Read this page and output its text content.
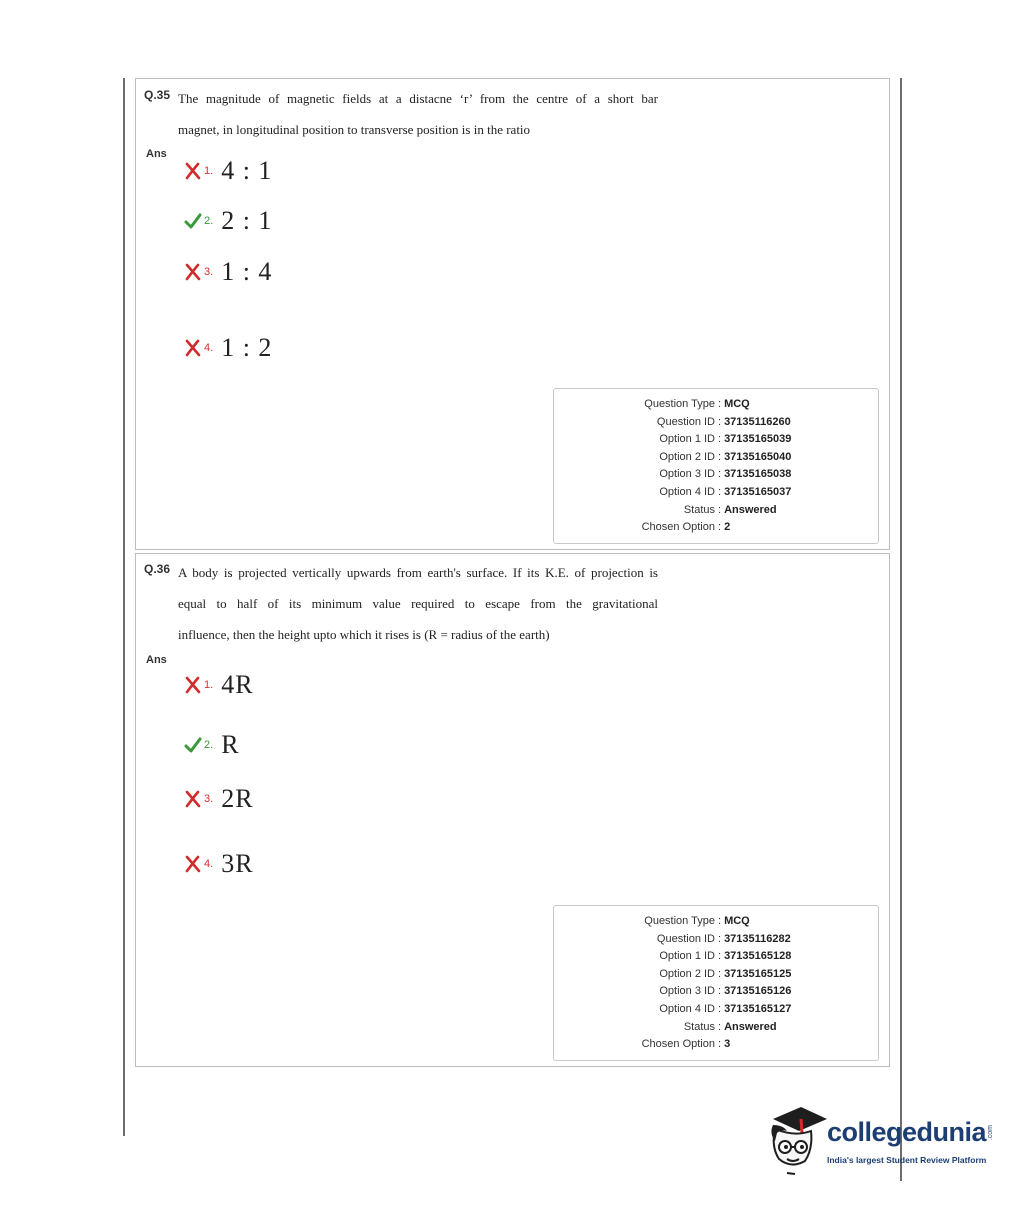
Q.35 The magnitude of magnetic fields at a distacne ‘r’ from the centre of a short bar
magnet, in longitudinal position to transverse position is in the ratio
Ans
1. 4 : 1
2. 2 : 1
3. 1 : 4
4. 1 : 2
Question Type : MCQ
Question ID : 37135116260
Option 1 ID : 37135165039
Option 2 ID : 37135165040
Option 3 ID : 37135165038
Option 4 ID : 37135165037
Status : Answered
Chosen Option : 2
Q.36 A body is projected vertically upwards from earth's surface. If its K.E. of projection is
equal to half of its minimum value required to escape from the gravitational
influence, then the height upto which it rises is (R = radius of the earth)
Ans
1. 4R
2. R
3. 2R
4. 3R
Question Type : MCQ
Question ID : 37135116282
Option 1 ID : 37135165128
Option 2 ID : 37135165125
Option 3 ID : 37135165126
Option 4 ID : 37135165127
Status : Answered
Chosen Option : 3
collegedunia .com
India's largest Student Review Platform
